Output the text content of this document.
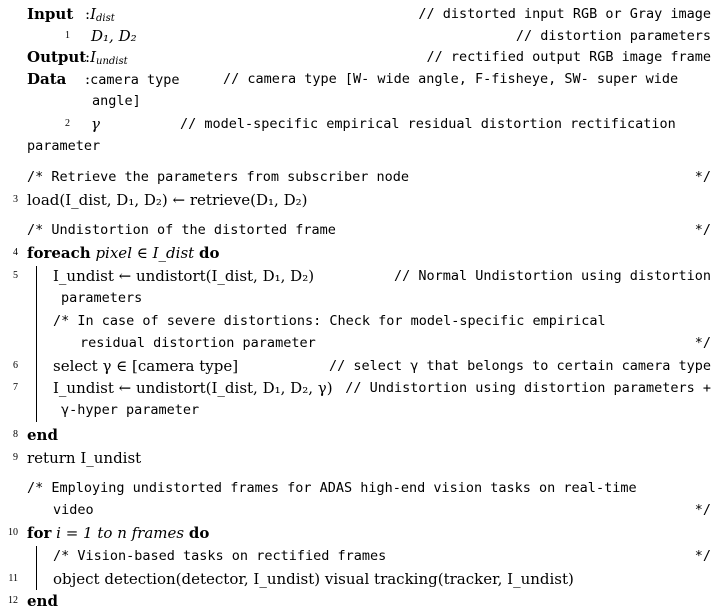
Input $:I_{dist}$	// distorted input RGB or Gray image
1 D₁, D₂	// distortion parameters
Output
$:I_{undist}$	// rectified output RGB image frame
Data :camera type	// camera type [W- wide angle, F-fisheye, SW- super wide
angle]
2 γ	// model-specific empirical residual distortion rectification
parameter
/* Retrieve the parameters from subscriber node	*/
3 load(I_dist, D₁, D₂) ← retrieve(D₁, D₂)
/* Undistortion of the distorted frame	*/
4 foreach pixel ∈ I_dist do
5 I_undist ← undistort(I_dist, D₁, D₂)	// Normal Undistortion using distortion
parameters
/* In case of severe distortions: Check for model-specific empirical
residual distortion parameter	*/
6 select γ ∈ [camera type]	// select γ that belongs to certain camera type
7 I_undist ← undistort(I_dist, D₁, D₂, γ) // Undistortion using distortion parameters +
γ-hyper parameter
8 end
9 return I_undist
/* Employing undistorted frames for ADAS high-end vision tasks on real-time
video	*/
10 for i = 1 to n frames do
/* Vision-based tasks on rectified frames	*/
11 object detection(detector, I_undist) visual tracking(tracker, I_undist)
12 end
